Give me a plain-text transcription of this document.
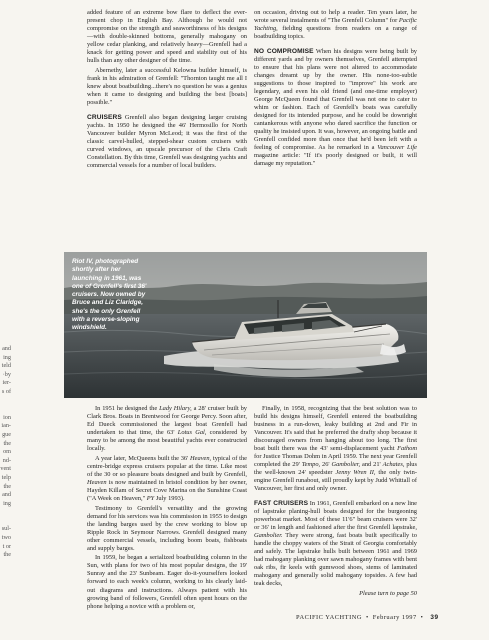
and
ing
teld
·by
ier-
s of

ion
ian-
gue
the
om
nd-
vent
telp
the
and
ing

sul-
two
t or
the

added feature of an extreme bow flare to deflect the ever-present chop in English Bay. Although he would not compromise on the strength and seaworthiness of his designs—with double-skinned bottoms, generally mahogany on yellow cedar planking, and relatively heavy—Grenfell had a knack for getting power and speed and stability out of his hulls than any other designer of the time.

Abernethy, later a successful Kelowna builder himself, is frank in his admiration of Grenfell: "Thornton taught me all I knew about boatbuilding...there's no question he was a genius when it came to designing and building the best [boats] possible."

CRUISERS Grenfell also began designing larger cruising yachts. In 1950 he designed the 46' Hermosillo for North Vancouver builder Myron McLeod; it was the first of the classic carvel-hulled, stepped-shear custom cruisers with curved windows, an upscale precursor of the Chris Craft Constellation. By this time, Grenfell was designing yachts and commercial vessels for a number of local builders.

on occasion, driving out to help a reader. Ten years later, he wrote several instalments of "The Grenfell Column" for Pacific Yachting, fielding questions from readers on a range of boatbuilding topics.

NO COMPROMISE When his designs were being built by different yards and by owners themselves, Grenfell attempted to ensure that his plans were not altered to accommodate changes dreamt up by the owner. His none-too-subtle suggestions to those inspired to "improve" his work are legendary, and even his old friend (and one-time employer) George McQueen found that Grenfell was not one to cater to whim or fashion. Each of Grenfell's boats was carefully designed for its intended purpose, and he could be downright cantankerous with anyone who dared sacrifice the function or quality he insisted upon. It was, however, an ongoing battle and Grenfell confided more than once that he'd been left with a feeling of compromise. As he remarked in a Vancouver Life magazine article: "If it's poorly designed or built, it will damage my reputation."

Riot IV, photographed shortly after her launching in 1961, was one of Grenfell's first 36' cruisers. Now owned by Bruce and Liz Claridge, she's the only Grenfell with a reverse-sloping windshield.

In 1951 he designed the Lady Hilary, a 28' cruiser built by Clark Bros. Boats in Brentwood for George Percy. Soon after, Ed Dueck commissioned the largest boat Grenfell had undertaken to that time, the 63' Lotus Gal, considered by many to be among the most beautiful yachts ever constructed locally.

A year later, McQueens built the 36' Heaven, typical of the centre-bridge express cruisers popular at the time. Like most of the 30 or so pleasure boats designed and built by Grenfell, Heaven is now maintained in bristol condition by her owner, Hayden Killam of Secret Cove Marina on the Sunshine Coast ("A Week on Heaven," PY July 1993).

Testimony to Grenfell's versatility and the growing demand for his services was his commission in 1955 to design the landing barges used by the crew working to blow up Ripple Rock in Seymour Narrows. Grenfell designed many other commercial vessels, including boom boats, fishboats and supply barges.

In 1959, he began a serialized boatbuilding column in the Sun, with plans for two of his most popular designs, the 19' Sunray and the 23' Sunbeam. Eager do-it-yourselfers looked forward to each week's column, working to his clearly laid-out diagrams and instructions. Always patient with his growing band of followers, Grenfell often spent hours on the phone helping a novice with a problem or,

Finally, in 1958, recognizing that the best solution was to build his designs himself, Grenfell entered the boatbuilding business in a run-down, leaky building at 2nd and Fir in Vancouver. It's said that he preferred the drafty shop because it discouraged owners from hanging about too long. The first boat built there was the 43' semi-displacement yacht Fathom for Justice Thomas Dohm in April 1959. The next year Grenfell completed the 29' Tempo, 26' Gambolier, and 21' Achates, plus the well-known 24' speedster Jenny Wren II, the only twin-engine Grenfell runabout, still proudly kept by Judd Whittall of Vancouver, her first and only owner.

FAST CRUISERS In 1961, Grenfell embarked on a new line of lapstrake planing-hull boats designed for the burgeoning powerboat market. Most of these 11'6" beam cruisers were 32' or 36' in length and fashioned after the first Grenfell lapstrake, Gambolier. They were strong, fast boats built specifically to handle the choppy waters of the Strait of Georgia comfortably and safely. The lapstrake hulls built between 1961 and 1969 had mahogany planking over sawn mahogany frames with bent oak ribs, fir keels with gumwood shoes, stems of laminated mahogany and generally solid mahogany topsides. A few had teak decks,

Please turn to page 50

PACIFIC YACHTING • February 1997 • 39
